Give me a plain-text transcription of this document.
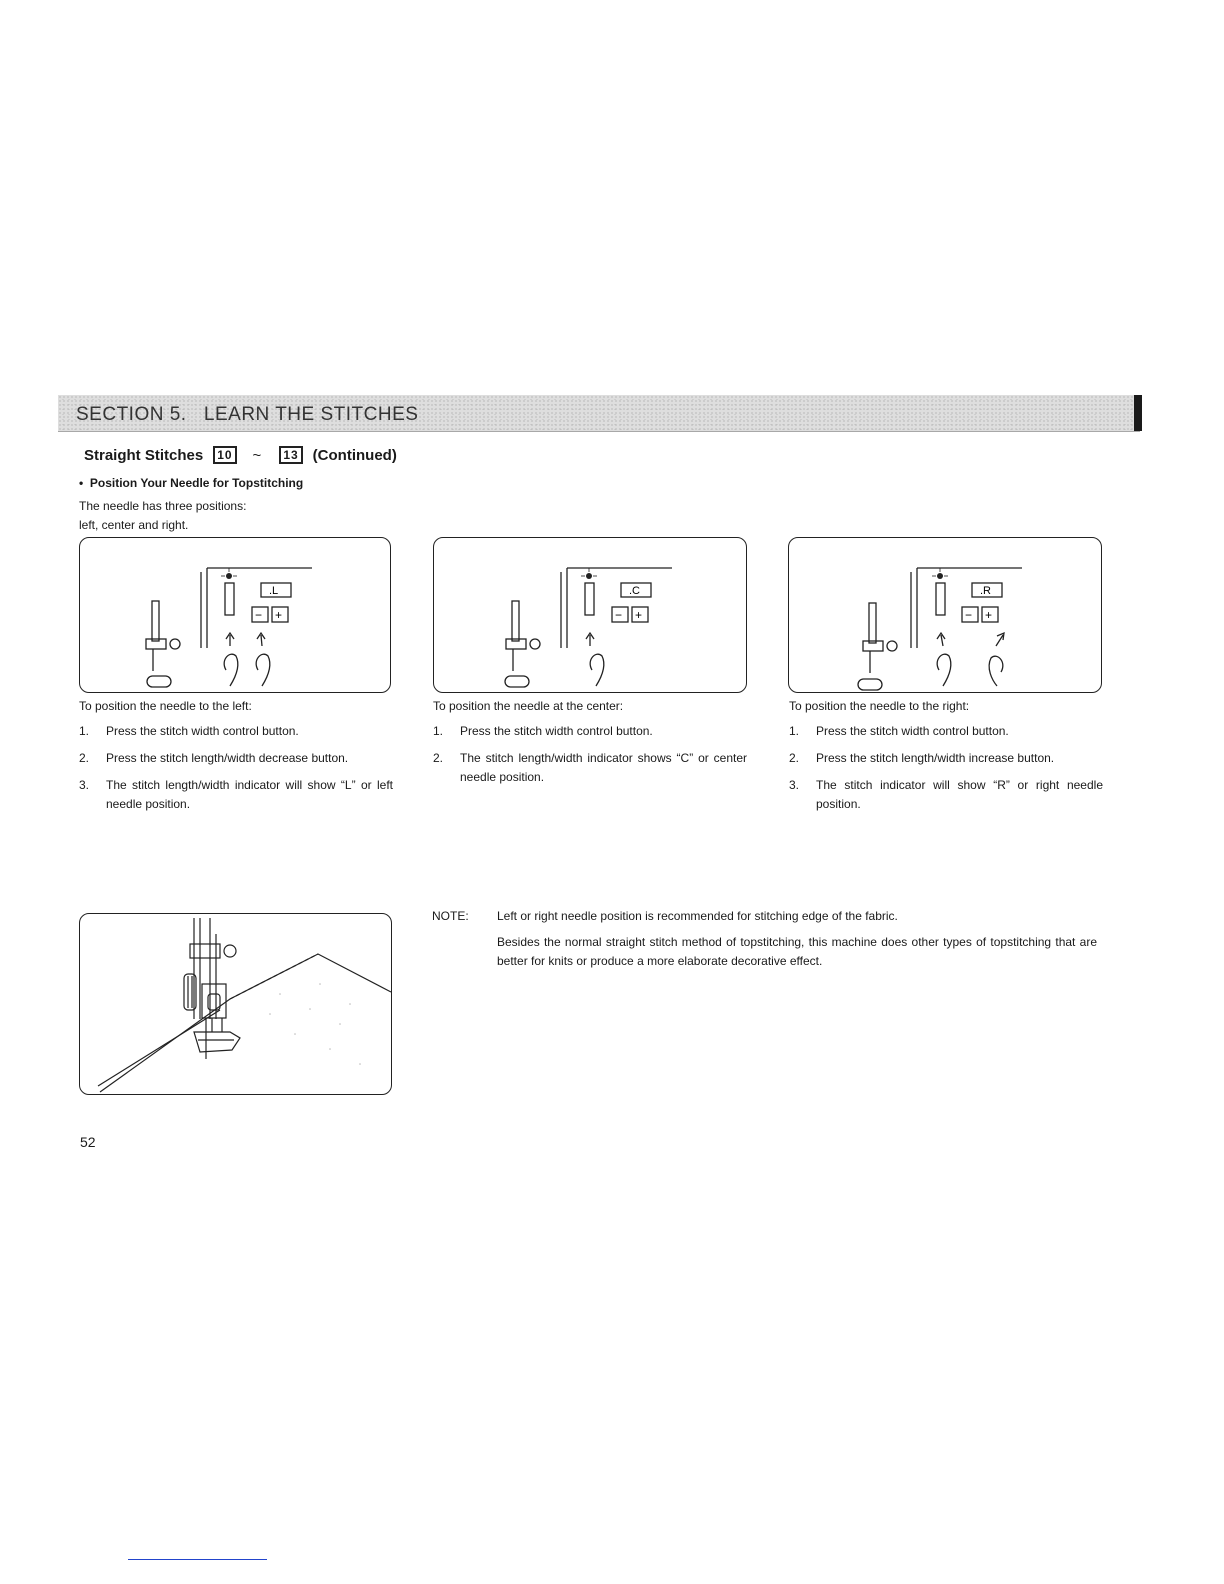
SECTION 5.   LEARN THE STITCHES
Straight Stitches	10 ~	13 (Continued)
• Position Your Needle for Topstitching
The needle has three positions:
left, center and right.
.L
− +
.C
− +
.R
− +

To position the needle to the left:

1. Press the stitch width control button.
2. Press the stitch length/width decrease button.
3. The stitch length/width indicator will show “L” or left needle position.

To position the needle at the center:

1. Press the stitch width control button.
2. The stitch length/width indicator shows “C” or center needle position.

To position the needle to the right:

1. Press the stitch width control button.
2. Press the stitch length/width increase button.
3. The stitch indicator will show “R” or right needle position.
NOTE: Left or right needle position is recommended for stitching edge of the fabric.
Besides the normal straight stitch method of topstitching, this machine does other types of topstitching that are better for knits or produce a more elaborate decorative effect.
52
